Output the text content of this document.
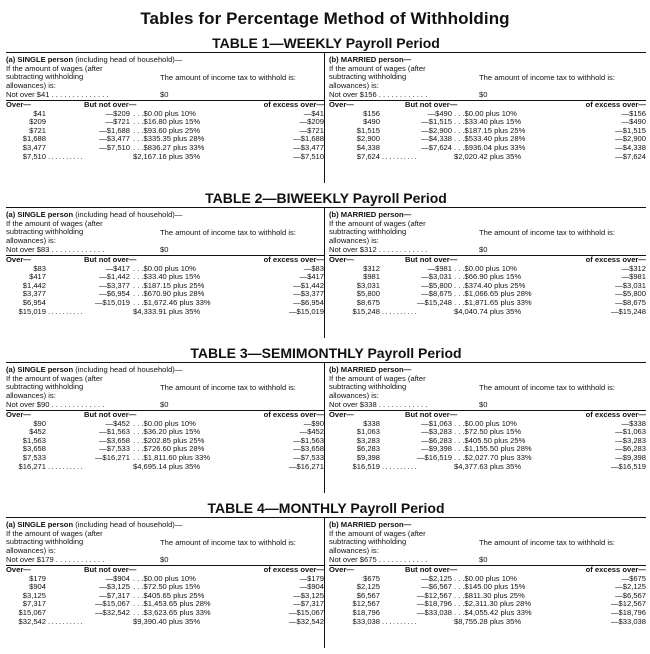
Tables for Percentage Method of Withholding
TABLE 1—WEEKLY Payroll Period
(a) SINGLE person (including head of household)—
If the amount of wages (after subtracting withholding allowances) is:
The amount of income tax to withhold is:
Not over $41 . . . . . . . . . . . . . .	$0
Over—	But not over—	of excess over—
$41	—$209 . . .$0.00 plus 10%	—$41
$209	—$721 . . .$16.80 plus 15%	—$209
$721	—$1,688 . . .$93.60 plus 25%	—$721
$1,688	—$3,477 . . .$335.35 plus 28%	—$1,688
$3,477	—$7,510 . . .$836.27 plus 33%	—$3,477
$7,510 . . . . . . . . . .	$2,167.16 plus 35%	—$7,510
(b) MARRIED person—
If the amount of wages (after subtracting withholding allowances) is:
The amount of income tax to withhold is:
Not over $156 . . . . . . . . . . . .	$0
Over—	But not over—	of excess over—
$156	—$490 . . .$0.00 plus 10%	—$156
$490	—$1,515 . . .$33.40 plus 15%	—$490
$1,515	—$2,900 . . .$187.15 plus 25%	—$1,515
$2,900	—$4,338 . . .$533.40 plus 28%	—$2,900
$4,338	—$7,624 . . .$936.04 plus 33%	—$4,338
$7,624 . . . . . . . . . .	$2,020.42 plus 35%	—$7,624
TABLE 2—BIWEEKLY Payroll Period
(a) SINGLE person (including head of household)—
If the amount of wages (after subtracting withholding allowances) is:
The amount of income tax to withhold is:
Not over $83 . . . . . . . . . . . . .	$0
Over—	But not over—	of excess over—
$83	—$417 . . .$0.00 plus 10%	—$83
$417	—$1,442 . . .$33.40 plus 15%	—$417
$1,442	—$3,377 . . .$187.15 plus 25%	—$1,442
$3,377	—$6,954 . . .$670.90 plus 28%	—$3,377
$6,954	—$15,019 . . .$1,672.46 plus 33%	—$6,954
$15,019 . . . . . . . . . .	$4,333.91 plus 35%	—$15,019
(b) MARRIED person—
If the amount of wages (after subtracting withholding allowances) is:
The amount of income tax to withhold is:
Not over $312 . . . . . . . . . . . .	$0
Over—	But not over—	of excess over—
$312	—$981 . . .$0.00 plus 10%	—$312
$981	—$3,031 . . .$66.90 plus 15%	—$981
$3,031	—$5,800 . . .$374.40 plus 25%	—$3,031
$5,800	—$8,675 . . .$1,066.65 plus 28%	—$5,800
$8,675	—$15,248 . . .$1,871.65 plus 33%	—$8,675
$15,248 . . . . . . . . . .	$4,040.74 plus 35%	—$15,248
TABLE 3—SEMIMONTHLY Payroll Period
(a) SINGLE person (including head of household)—
If the amount of wages (after subtracting withholding allowances) is:
The amount of income tax to withhold is:
Not over $90 . . . . . . . . . . . . .	$0
Over—	But not over—	of excess over—
$90	—$452 . . .$0.00 plus 10%	—$90
$452	—$1,563 . . .$36.20 plus 15%	—$452
$1,563	—$3,658 . . .$202.85 plus 25%	—$1,563
$3,658	—$7,533 . . .$726.60 plus 28%	—$3,658
$7,533	—$16,271 . . .$1,811.60 plus 33%	—$7,533
$16,271 . . . . . . . . . .	$4,695.14 plus 35%	—$16,271
(b) MARRIED person—
If the amount of wages (after subtracting withholding allowances) is:
The amount of income tax to withhold is:
Not over $338 . . . . . . . . . . . .	$0
Over—	But not over—	of excess over—
$338	—$1,063 . . .$0.00 plus 10%	—$338
$1,063	—$3,283 . . .$72.50 plus 15%	—$1,063
$3,283	—$6,283 . . .$405.50 plus 25%	—$3,283
$6,283	—$9,398 . . .$1,155.50 plus 28%	—$6,283
$9,398	—$16,519 . . .$2,027.70 plus 33%	—$9,398
$16,519 . . . . . . . . . .	$4,377.63 plus 35%	—$16,519
TABLE 4—MONTHLY Payroll Period
(a) SINGLE person (including head of household)—
If the amount of wages (after subtracting withholding allowances) is:
The amount of income tax to withhold is:
Not over $179 . . . . . . . . . . . .	$0
Over—	But not over—	of excess over—
$179	—$904 . . .$0.00 plus 10%	—$179
$904	—$3,125 . . .$72.50 plus 15%	—$904
$3,125	—$7,317 . . .$405.65 plus 25%	—$3,125
$7,317	—$15,067 . . .$1,453.65 plus 28%	—$7,317
$15,067	—$32,542 . . .$3,623.65 plus 33%	—$15,067
$32,542 . . . . . . . . . .	$9,390.40 plus 35%	—$32,542
(b) MARRIED person—
If the amount of wages (after subtracting withholding allowances) is:
The amount of income tax to withhold is:
Not over $675 . . . . . . . . . . . .	$0
Over—	But not over—	of excess over—
$675	—$2,125 . . .$0.00 plus 10%	—$675
$2,125	—$6,567 . . .$145.00 plus 15%	—$2,125
$6,567	—$12,567 . . .$811.30 plus 25%	—$6,567
$12,567	—$18,796 . . .$2,311.30 plus 28%	—$12,567
$18,796	—$33,038 . . .$4,055.42 plus 33%	—$18,796
$33,038 . . . . . . . . . .	$8,755.28 plus 35%	—$33,038
